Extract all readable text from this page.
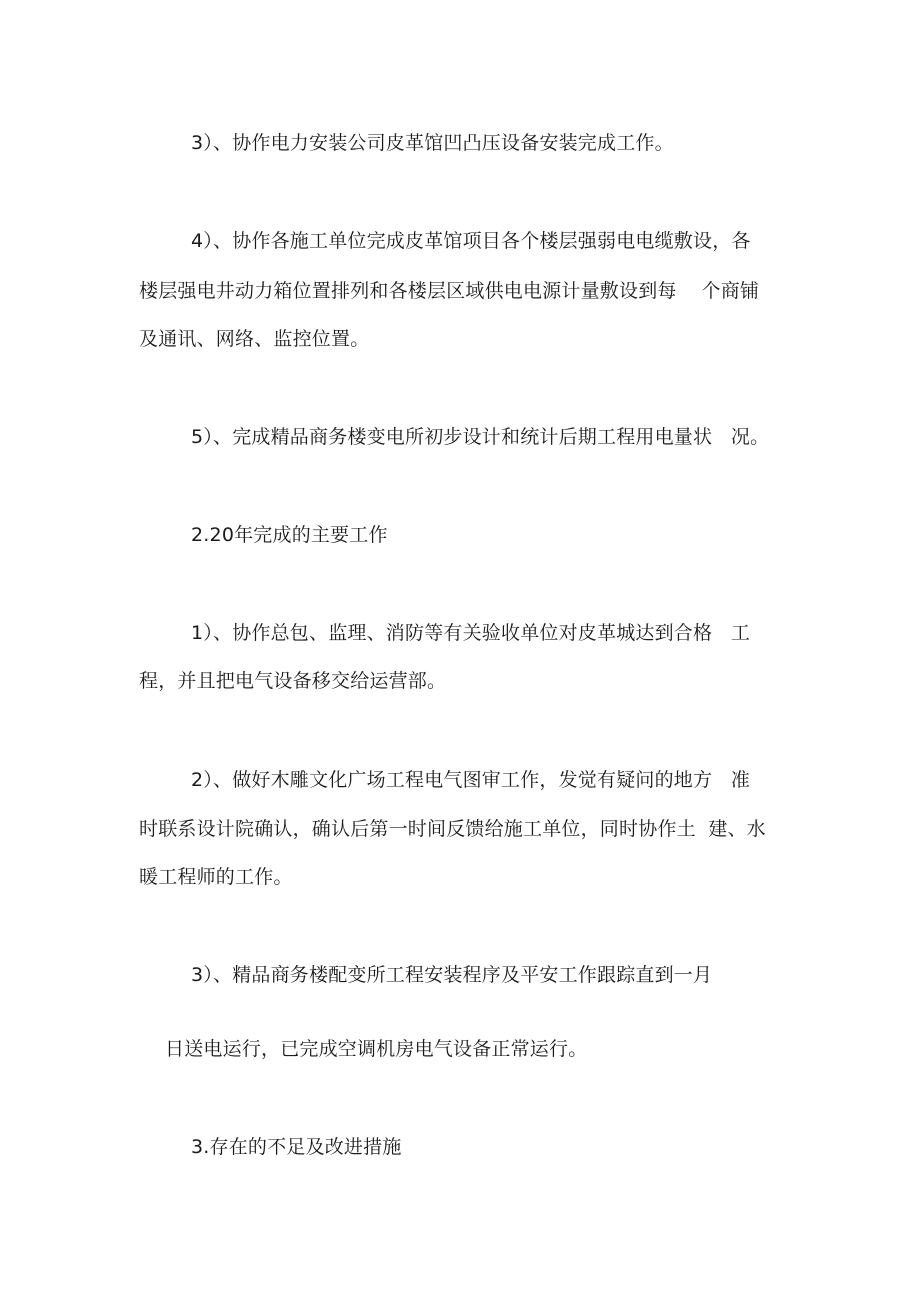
3）、协作电力安装公司皮革馆凹凸压设备安装完成工作。
4）、协作各施工单位完成皮革馆项目各个楼层强弱电电缆敷设，各
楼层强电井动力箱位置排列和各楼层区域供电电源计量敷设到每    个商铺
及通讯、网络、监控位置。
5）、完成精品商务楼变电所初步设计和统计后期工程用电量状   况。
2.20年完成的主要工作
1）、协作总包、监理、消防等有关验收单位对皮革城达到合格   工
程，并且把电气设备移交给运营部。
2）、做好木雕文化广场工程电气图审工作，发觉有疑问的地方   准
时联系设计院确认，确认后第一时间反馈给施工单位，同时协作土  建、水
暖工程师的工作。
3）、精品商务楼配变所工程安装程序及平安工作跟踪直到一月
日送电运行，已完成空调机房电气设备正常运行。
3.存在的不足及改进措施
